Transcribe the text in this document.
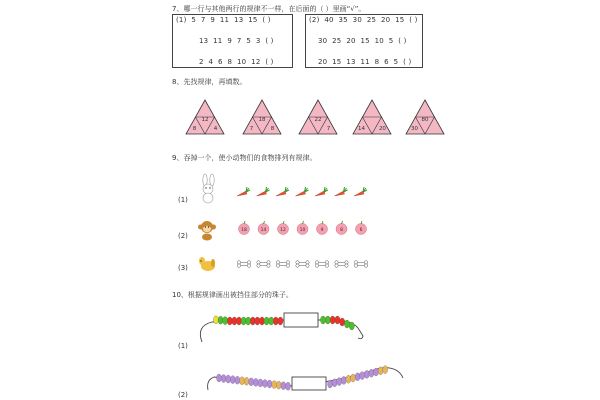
7、哪一行与其他两行的规律不一样，在后面的（ ）里画“√”。
(1)  5  7  9  11  13  15  ( )
13  11  9  7  5  3  ( )
2  4  6  8  10  12  ( )
(2)  40  35  30  25  20  15  ( )
30  25  20  15  10  5  ( )
20  15  13  11  8  6  5  ( )
8、先找规律，再填数。
12
8	4
18
7	8
22
7	14	20
80
30
9、吞掉一个，使小动物们的食物排列有规律。
(1)
(2)
(3)
18	14	12	10	9	8	6
10、根据规律画出被挡住部分的珠子。
(1)
(2)
